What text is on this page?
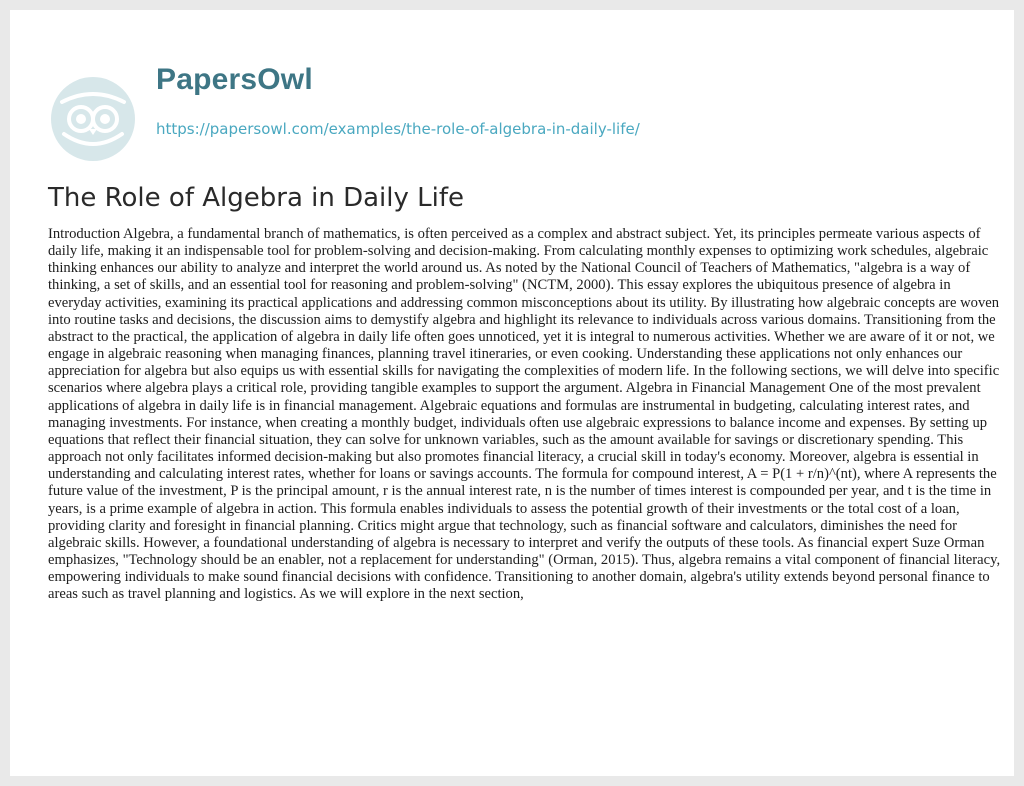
PapersOwl
https://papersowl.com/examples/the-role-of-algebra-in-daily-life/
The Role of Algebra in Daily Life

Introduction Algebra, a fundamental branch of mathematics, is often perceived as a complex and abstract subject. Yet, its principles permeate various aspects of daily life, making it an indispensable tool for problem-solving and decision-making. From calculating monthly expenses to optimizing work schedules, algebraic thinking enhances our ability to analyze and interpret the world around us. As noted by the National Council of Teachers of Mathematics, "algebra is a way of thinking, a set of skills, and an essential tool for reasoning and problem-solving" (NCTM, 2000). This essay explores the ubiquitous presence of algebra in everyday activities, examining its practical applications and addressing common misconceptions about its utility. By illustrating how algebraic concepts are woven into routine tasks and decisions, the discussion aims to demystify algebra and highlight its relevance to individuals across various domains. Transitioning from the abstract to the practical, the application of algebra in daily life often goes unnoticed, yet it is integral to numerous activities. Whether we are aware of it or not, we engage in algebraic reasoning when managing finances, planning travel itineraries, or even cooking. Understanding these applications not only enhances our appreciation for algebra but also equips us with essential skills for navigating the complexities of modern life. In the following sections, we will delve into specific scenarios where algebra plays a critical role, providing tangible examples to support the argument. Algebra in Financial Management One of the most prevalent applications of algebra in daily life is in financial management. Algebraic equations and formulas are instrumental in budgeting, calculating interest rates, and managing investments. For instance, when creating a monthly budget, individuals often use algebraic expressions to balance income and expenses. By setting up equations that reflect their financial situation, they can solve for unknown variables, such as the amount available for savings or discretionary spending. This approach not only facilitates informed decision-making but also promotes financial literacy, a crucial skill in today's economy. Moreover, algebra is essential in understanding and calculating interest rates, whether for loans or savings accounts. The formula for compound interest, A = P(1 + r/n)^(nt), where A represents the future value of the investment, P is the principal amount, r is the annual interest rate, n is the number of times interest is compounded per year, and t is the time in years, is a prime example of algebra in action. This formula enables individuals to assess the potential growth of their investments or the total cost of a loan, providing clarity and foresight in financial planning. Critics might argue that technology, such as financial software and calculators, diminishes the need for algebraic skills. However, a foundational understanding of algebra is necessary to interpret and verify the outputs of these tools. As financial expert Suze Orman emphasizes, "Technology should be an enabler, not a replacement for understanding" (Orman, 2015). Thus, algebra remains a vital component of financial literacy, empowering individuals to make sound financial decisions with confidence. Transitioning to another domain, algebra's utility extends beyond personal finance to areas such as travel planning and logistics. As we will explore in the next section,
